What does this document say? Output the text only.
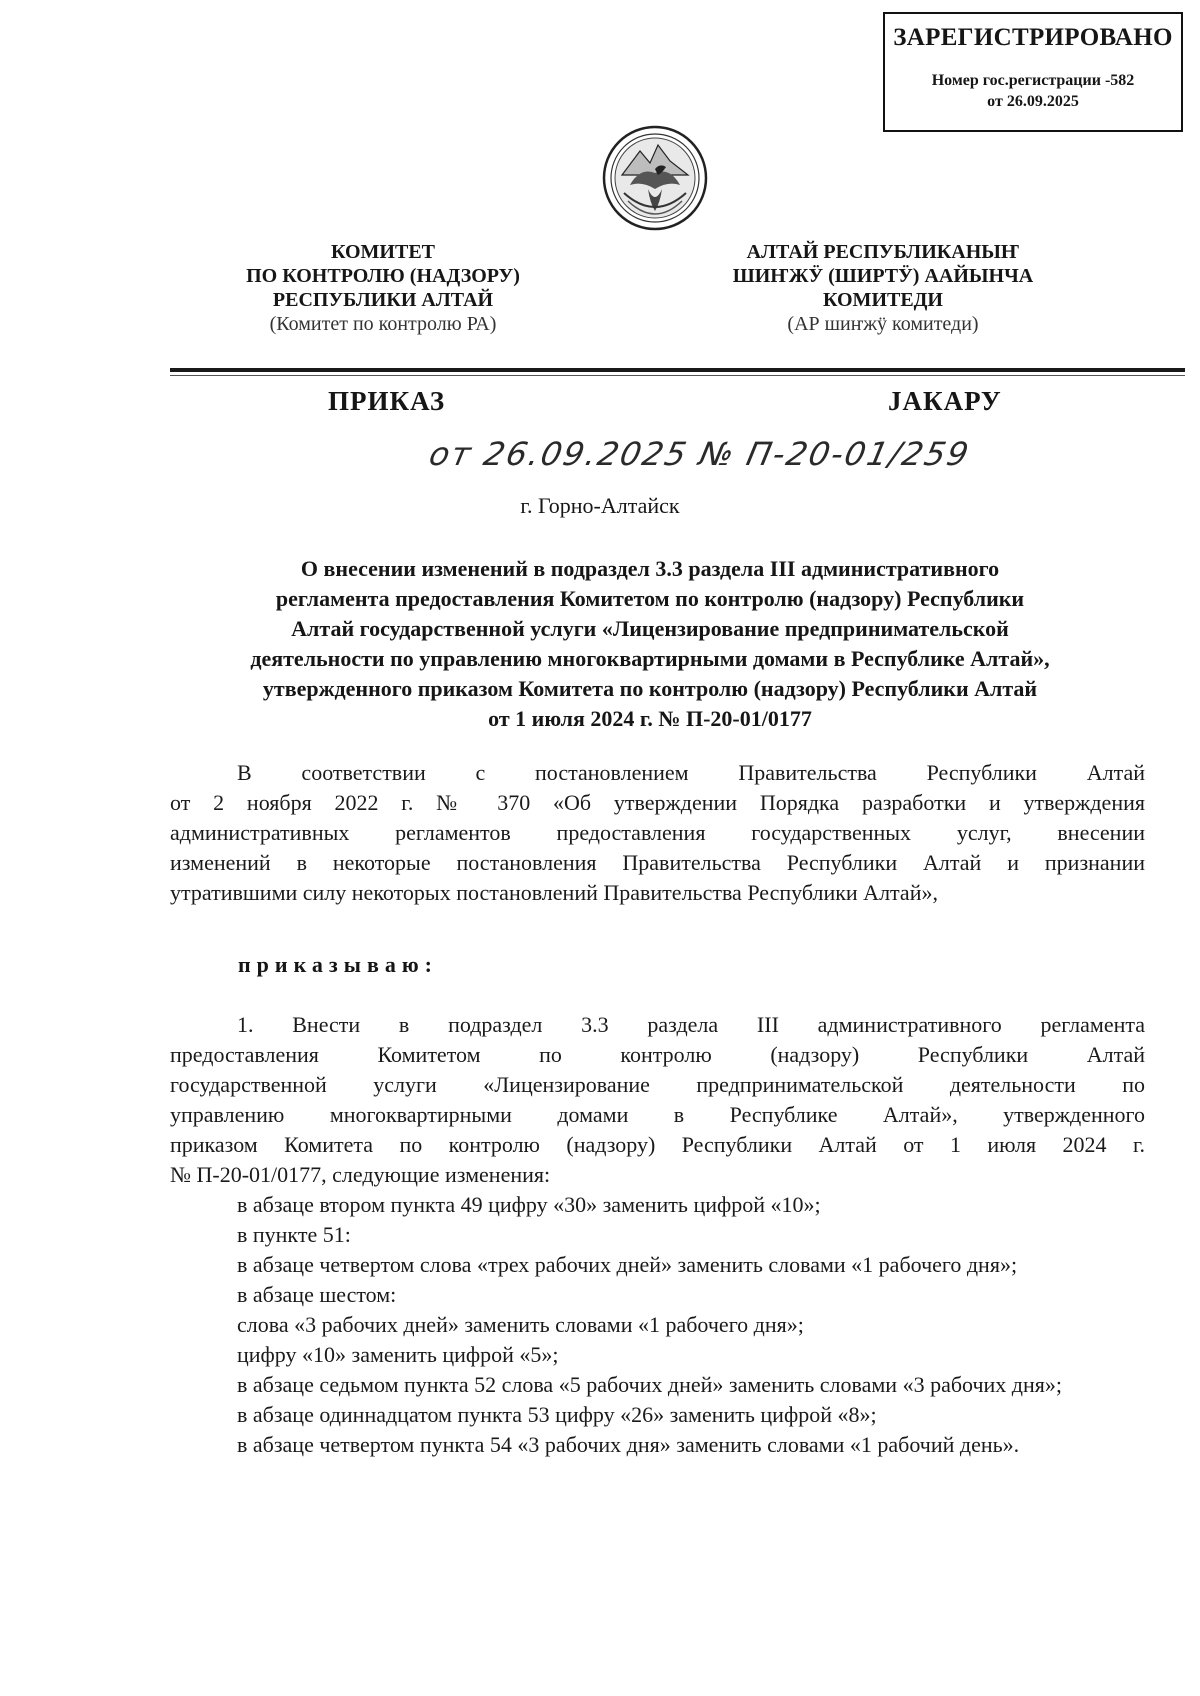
ЗАРЕГИСТРИРОВАНО
Номер гос.регистрации -582
от 26.09.2025
КОМИТЕТ
ПО КОНТРОЛЮ (НАДЗОРУ)
РЕСПУБЛИКИ АЛТАЙ
(Комитет по контролю РА)
АЛТАЙ РЕСПУБЛИКАНЫҤ
ШИҤЖӰ (ШИРТӰ) ААЙЫНЧА
КОМИТЕДИ
(АР шиҥжӱ комитеди)
ПРИКАЗ	JАКАРУ
от 26.09.2025 № П-20-01/259
г. Горно-Алтайск
О внесении изменений в подраздел 3.3 раздела III административного
регламента предоставления Комитетом по контролю (надзору) Республики
Алтай государственной услуги «Лицензирование предпринимательской
деятельности по управлению многоквартирными домами в Республике Алтай»,
утвержденного приказом Комитета по контролю (надзору) Республики Алтай
от 1 июля 2024 г. № П-20-01/0177
В соответствии с постановлением Правительства Республики Алтай
от 2 ноября 2022 г. № 370 «Об утверждении Порядка разработки и утверждения
административных регламентов предоставления государственных услуг, внесении
изменений в некоторые постановления Правительства Республики Алтай и признании
утратившими силу некоторых постановлений Правительства Республики Алтай»,
приказываю:
1. Внести в подраздел 3.3 раздела III административного регламента
предоставления Комитетом по контролю (надзору) Республики Алтай
государственной услуги «Лицензирование предпринимательской деятельности по
управлению многоквартирными домами в Республике Алтай», утвержденного
приказом Комитета по контролю (надзору) Республики Алтай от 1 июля 2024 г.
№ П-20-01/0177, следующие изменения:

в абзаце втором пункта 49 цифру «30» заменить цифрой «10»;

в пункте 51:

в абзаце четвертом слова «трех рабочих дней» заменить словами «1 рабочего дня»;

в абзаце шестом:

слова «3 рабочих дней» заменить словами «1 рабочего дня»;

цифру «10» заменить цифрой «5»;

в абзаце седьмом пункта 52 слова «5 рабочих дней» заменить словами «3 рабочих дня»;

в абзаце одиннадцатом пункта 53 цифру «26» заменить цифрой «8»;

в абзаце четвертом пункта 54 «3 рабочих дня» заменить словами «1 рабочий день».
